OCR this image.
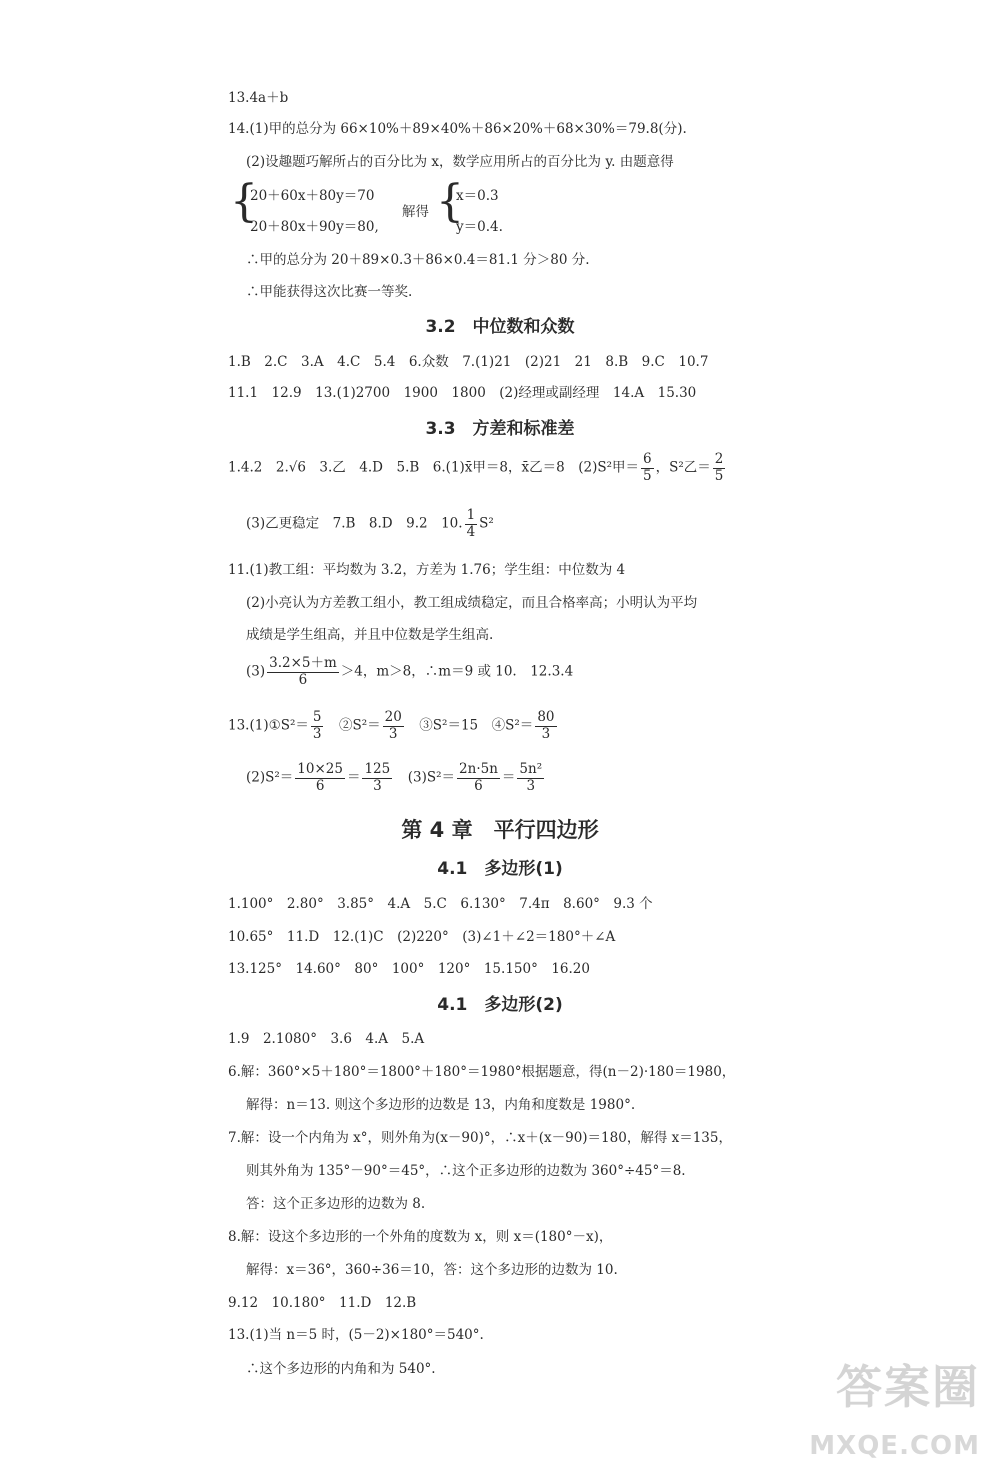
13.4a＋b
14.(1)甲的总分为 66×10%＋89×40%＋86×20%＋68×30%＝79.8(分).
(2)设趣题巧解所占的百分比为 x，数学应用所占的百分比为 y. 由题意得
{
20＋60x＋80y＝70
20＋80x＋90y＝80,
解得 {
x＝0.3
y＝0.4.
∴甲的总分为 20＋89×0.3＋86×0.4＝81.1 分＞80 分.
∴甲能获得这次比赛一等奖.
3.2　中位数和众数
1.B　2.C　3.A　4.C　5.4　6.众数　7.(1)21　(2)21　21　8.B　9.C　10.7
11.1　12.9　13.(1)2700　1900　1800　(2)经理或副经理　14.A　15.30
3.3　方差和标准差
1.4.2　2.√6　3.乙　4.D　5.B　6.(1)x̄甲＝8，x̄乙＝8　(2)S²甲＝ $\frac{6}{5}$ ，S²乙＝ $\frac{2}{5}$
(3)乙更稳定　7.B　8.D　9.2　10. $\frac{1}{4} S^2$
11.(1)教工组：平均数为 3.2，方差为 1.76；学生组：中位数为 4
(2)小亮认为方差教工组小，教工组成绩稳定，而且合格率高；小明认为平均
成绩是学生组高，并且中位数是学生组高.
$(3) \frac{3.2\times 5+m}{6} >4$，m＞8，∴m＝9 或 10.　12.3.4
13.(1)①S²＝ $\frac{5}{3}$ 　②S²＝ $\frac{20}{3}$ 　③S²＝15　④S²＝ $\frac{80}{3}$
$(2)S^2= \frac{10\times 25}{6} = \frac{125}{3}$ 　$(3)S^2= \frac{2n\cdot 5n}{6} = \frac{\text{5n²}}{3}$
第 4 章　平行四边形
4.1　多边形(1)
1.100°　2.80°　3.85°　4.A　5.C　6.130°　7.4π　8.60°　9.3 个
10.65°　11.D　12.(1)C　(2)220°　(3)∠1＋∠2＝180°＋∠A
13.125°　14.60°　80°　100°　120°　15.150°　16.20
4.1　多边形(2)
1.9　2.1080°　3.6　4.A　5.A
6.解：360°×5＋180°＝1800°＋180°＝1980°根据题意，得(n－2)·180＝1980，
解得：n＝13. 则这个多边形的边数是 13，内角和度数是 1980°.
7.解：设一个内角为 x°，则外角为(x－90)°，∴x＋(x－90)＝180，解得 x＝135，
则其外角为 135°－90°＝45°，∴这个正多边形的边数为 360°÷45°＝8.
答：这个正多边形的边数为 8.
8.解：设这个多边形的一个外角的度数为 x，则 x＝(180°－x)，
解得：x＝36°，360÷36＝10，答：这个多边形的边数为 10.
9.12　10.180°　11.D　12.B
13.(1)当 n＝5 时，(5－2)×180°＝540°.
∴这个多边形的内角和为 540°.	答案圈
MXQE.COM
